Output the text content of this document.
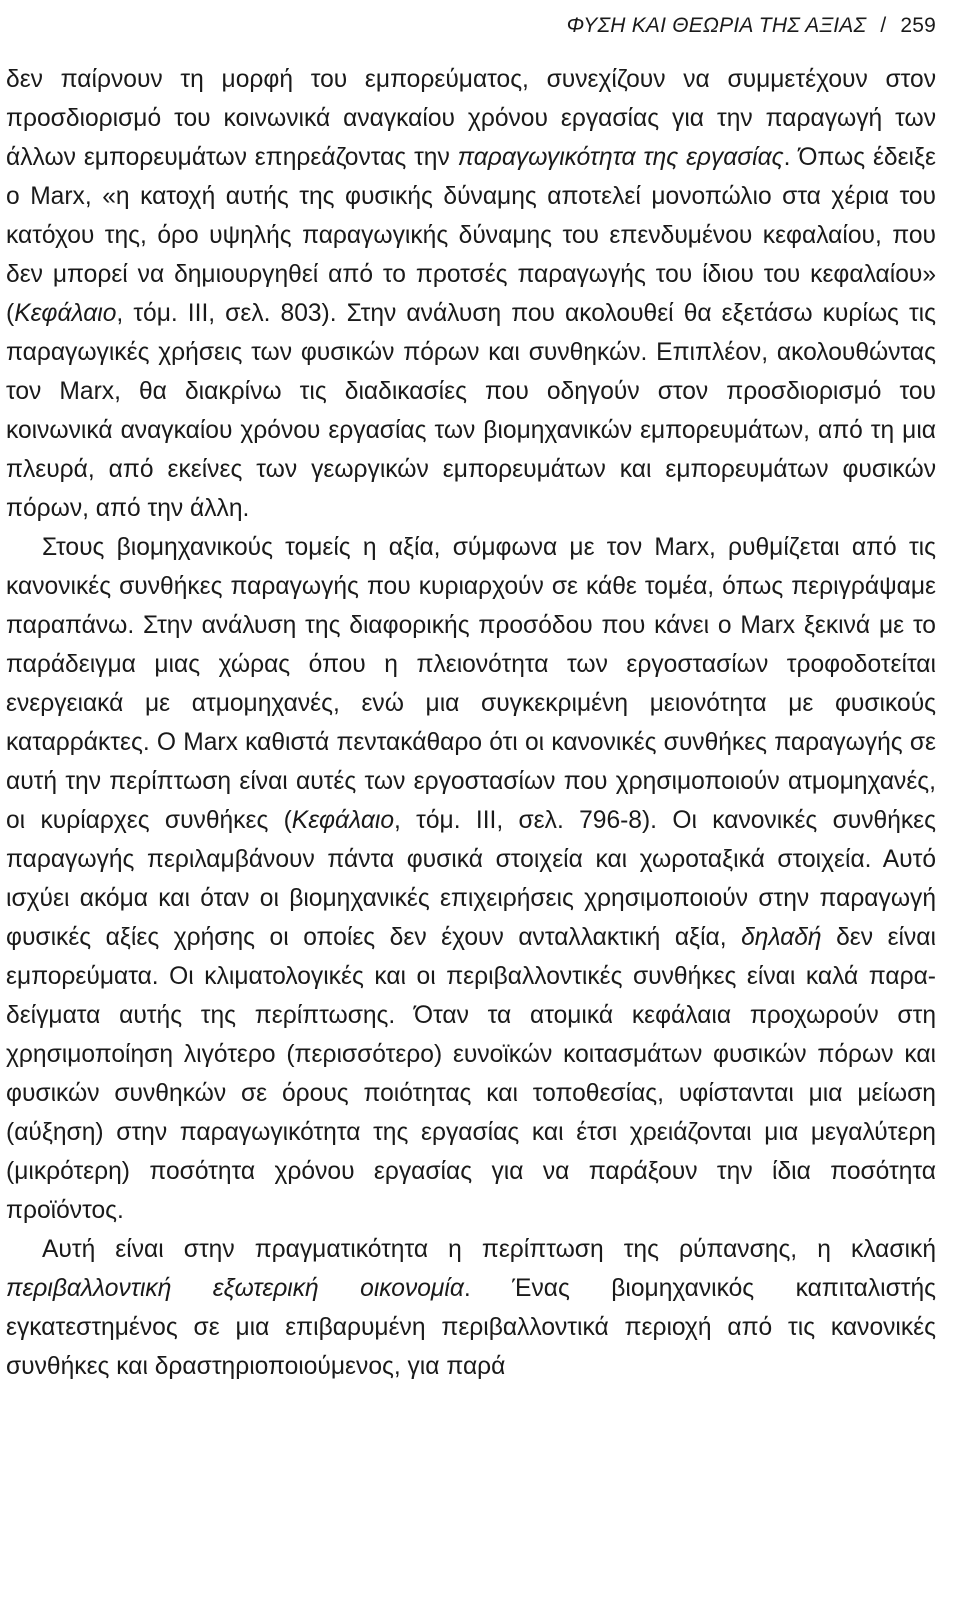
ΦΥΣΗ ΚΑΙ ΘΕΩΡΙΑ ΤΗΣ ΑΞΙΑΣ / 259

δεν παίρνουν τη μορφή του εμπορεύματος, συνεχίζουν να συμμετέχουν στον προσδιορισμό του κοινωνικά αναγκαίου χρόνου εργασίας για την παραγωγή των άλλων εμπορευμάτων επηρεάζοντας την παραγωγικότητα της εργασίας. Όπως έδειξε ο Marx, «η κατοχή αυτής της φυσικής δύναμης αποτελεί μονοπώλιο στα χέρια του κατόχου της, όρο υψηλής παραγωγικής δύναμης του επενδυμένου κεφαλαίου, που δεν μπορεί να δημιουργηθεί από το προτσές παραγωγής του ίδιου του κεφαλαίου» (Κεφάλαιο, τόμ. III, σελ. 803). Στην ανάλυση που ακολουθεί θα εξετάσω κυρίως τις παραγωγικές χρήσεις των φυσικών πόρων και συνθηκών. Επιπλέον, ακολουθώντας τον Marx, θα διακρίνω τις διαδικασίες που οδηγούν στον προσδιορισμό του κοινωνικά αναγκαίου χρόνου εργασίας των βιομηχανικών εμπορευμάτων, από τη μια πλευρά, από εκείνες των γεωργικών εμπορευμάτων και εμπορευμάτων φυσικών πόρων, από την άλλη.

Στους βιομηχανικούς τομείς η αξία, σύμφωνα με τον Marx, ρυθμίζεται από τις κανονικές συνθήκες παραγωγής που κυριαρχούν σε κάθε τομέα, όπως περιγράψαμε παραπάνω. Στην ανάλυση της διαφορικής προσόδου που κάνει ο Marx ξεκινά με το παράδειγμα μιας χώρας όπου η πλειονότητα των εργοστασίων τροφοδοτείται ενεργειακά με ατμομηχανές, ενώ μια συγκεκριμένη μειονότητα με φυσικούς καταρράκτες. Ο Marx καθιστά πεντακάθαρο ότι οι κανονικές συνθήκες παραγωγής σε αυτή την περίπτωση είναι αυτές των εργοστασίων που χρησιμοποιούν ατμομηχανές, οι κυρίαρχες συνθήκες (Κεφάλαιο, τόμ. III, σελ. 796-8). Οι κανονικές συνθήκες παραγωγής περιλαμβάνουν πάντα φυσικά στοιχεία και χωροταξικά στοιχεία. Αυτό ισχύει ακόμα και όταν οι βιομηχανικές επιχειρήσεις χρησιμοποιούν στην παραγωγή φυσικές αξίες χρήσης οι οποίες δεν έχουν ανταλλακτική αξία, δηλαδή δεν είναι εμπορεύματα. Οι κλιματολογικές και οι περιβαλλοντικές συνθήκες είναι καλά παραδείγματα αυτής της περίπτωσης. Όταν τα ατομικά κεφάλαια προχωρούν στη χρησιμοποίηση λιγότερο (περισσότερο) ευνοϊκών κοιτασμάτων φυσικών πόρων και φυσικών συνθηκών σε όρους ποιότητας και τοποθεσίας, υφίστανται μια μείωση (αύξηση) στην παραγωγικότητα της εργασίας και έτσι χρειάζονται μια μεγαλύτερη (μικρότερη) ποσότητα χρόνου εργασίας για να παράξουν την ίδια ποσότητα προϊόντος.

Αυτή είναι στην πραγματικότητα η περίπτωση της ρύπανσης, η κλασική περιβαλλοντική εξωτερική οικονομία. Ένας βιομηχανικός καπιταλιστής εγκατεστημένος σε μια επιβαρυμένη περιβαλλοντικά περιοχή από τις κανονικές συνθήκες και δραστηριοποιούμενος, για παρά
